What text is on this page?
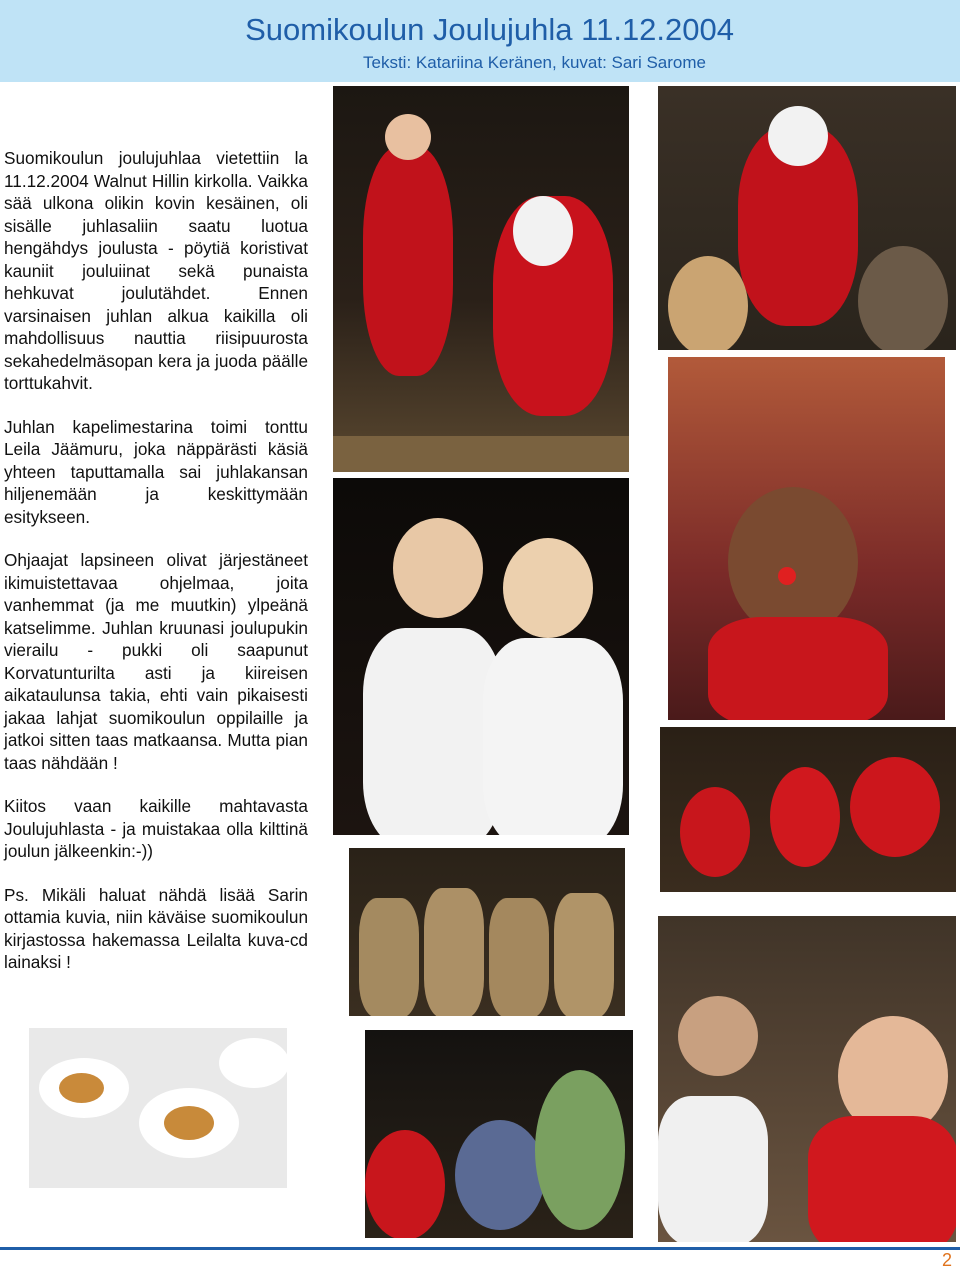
Suomikoulun Joulujuhla 11.12.2004
Teksti: Katariina Keränen, kuvat: Sari Sarome

Suomikoulun joulujuhlaa vietettiin la 11.12.2004 Walnut Hillin kirkolla. Vaikka sää ulkona olikin kovin kesäinen, oli sisälle juhlasaliin saatu luotua hengähdys joulusta - pöytiä koristivat kauniit jouluiinat sekä punaista hehkuvat joulutähdet. Ennen varsinaisen juhlan alkua kaikilla oli mahdollisuus nauttia riisipuurosta sekahedelmäsopan kera ja juoda päälle torttukahvit.

Juhlan kapelimestarina toimi tonttu Leila Jäämuru, joka näppärästi käsiä yhteen taputtamalla sai juhlakansan hiljenemään ja keskittymään esitykseen.

Ohjaajat lapsineen olivat järjestäneet ikimuistettavaa ohjelmaa, joita vanhemmat (ja me muutkin) ylpeänä katselimme. Juhlan kruunasi joulupukin vierailu - pukki oli saapunut Korvatunturilta asti ja kiireisen aikataulunsa takia, ehti vain pikaisesti jakaa lahjat suomikoulun oppilaille ja jatkoi sitten taas matkaansa. Mutta pian taas nähdään !

Kiitos vaan kaikille mahtavasta Joulujuhlasta - ja muistakaa olla kilttinä joulun jälkeenkin:-))

Ps. Mikäli haluat nähdä lisää Sarin ottamia kuvia, niin käväise suomikoulun kirjastossa hakemassa Leilalta kuva-cd lainaksi !

2
